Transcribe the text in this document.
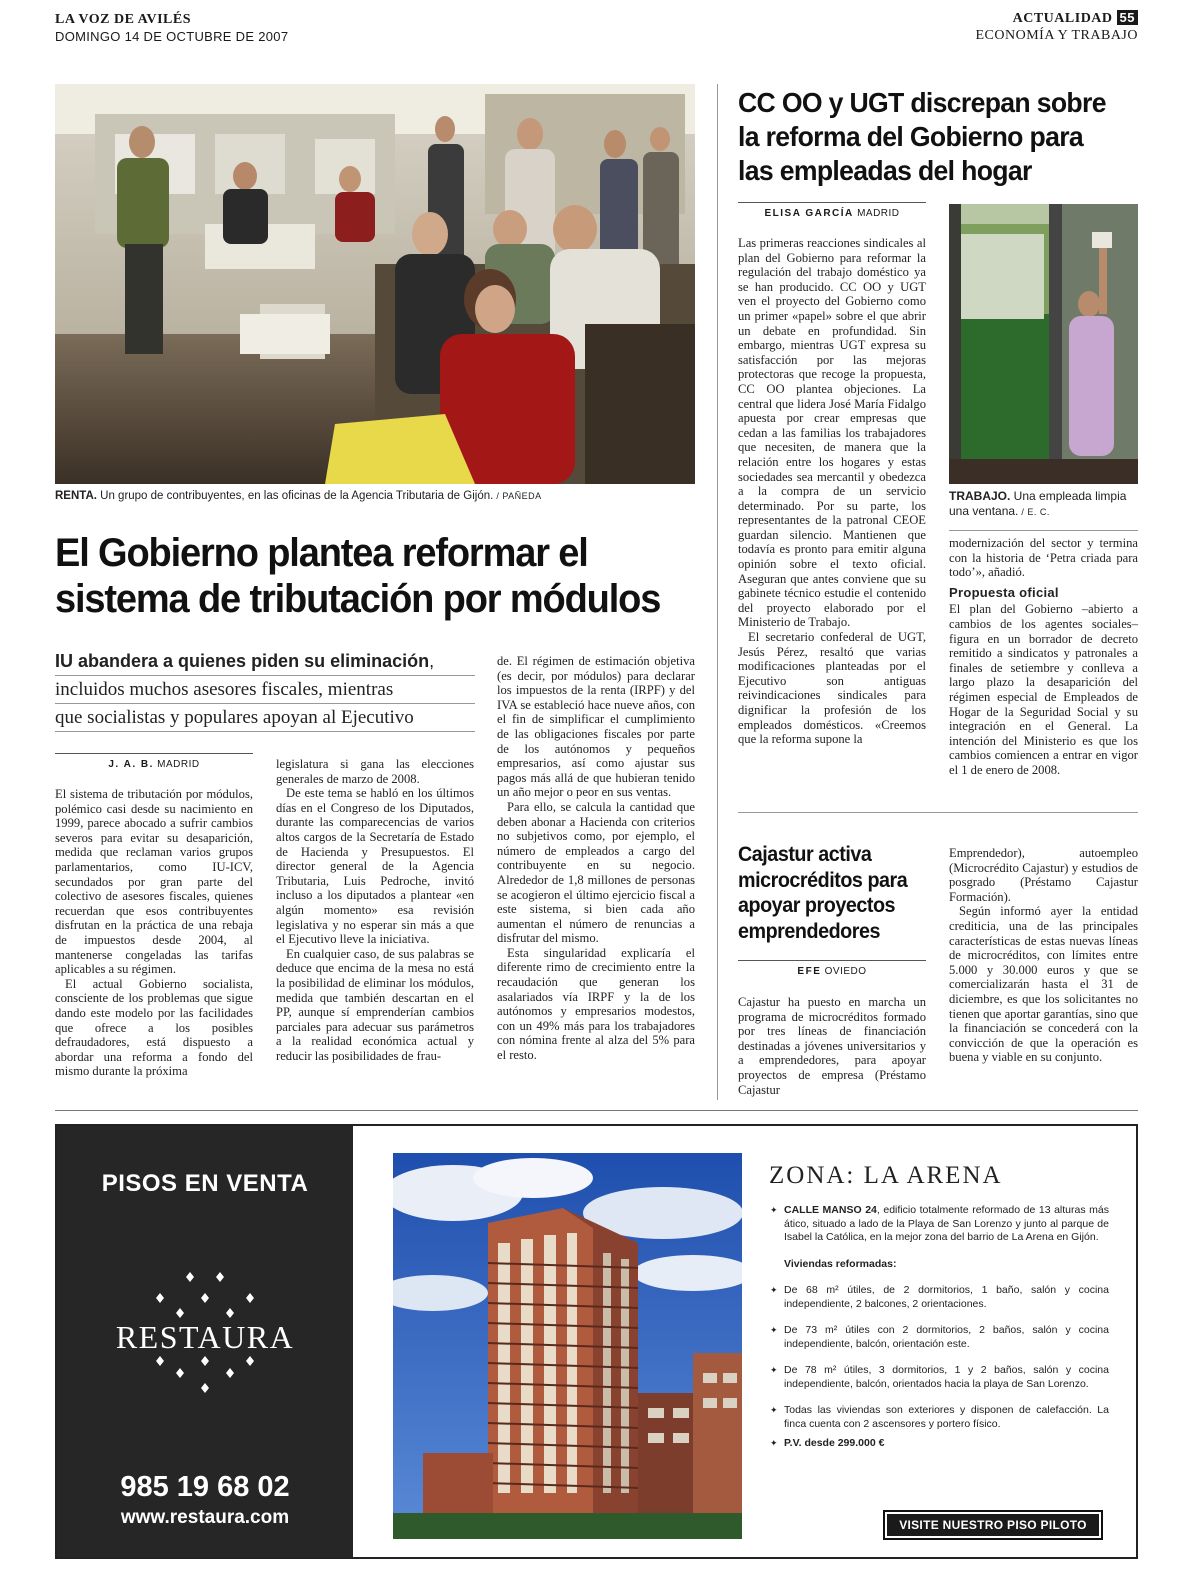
LA VOZ DE AVILÉS
DOMINGO 14 DE OCTUBRE DE 2007
ACTUALIDAD 55
ECONOMÍA Y TRABAJO
RENTA. Un grupo de contribuyentes, en las oficinas de la Agencia Tributaria de Gijón. / PAÑEDA
El Gobierno plantea reformar el sistema de tributación por módulos
IU abandera a quienes piden su eliminación,
incluidos muchos asesores fiscales, mientras
que socialistas y populares apoyan al Ejecutivo
J. A. B. MADRID

El sistema de tributación por módulos, polémico casi desde su nacimiento en 1999, parece abocado a sufrir cambios severos para evitar su desaparición, medida que reclaman varios grupos parlamentarios, como IU-ICV, secundados por gran parte del colectivo de asesores fiscales, quienes recuerdan que esos contribuyentes disfrutan en la práctica de una rebaja de impuestos desde 2004, al mantenerse congeladas las tarifas aplicables a su régimen.

El actual Gobierno socialista, consciente de los problemas que sigue dando este modelo por las facilidades que ofrece a los posibles defraudadores, está dispuesto a abordar una reforma a fondo del mismo durante la próxima

legislatura si gana las elecciones generales de marzo de 2008.

De este tema se habló en los últimos días en el Congreso de los Diputados, durante las comparecencias de varios altos cargos de la Secretaría de Estado de Hacienda y Presupuestos. El director general de la Agencia Tributaria, Luis Pedroche, invitó incluso a los diputados a plantear «en algún momento» esa revisión legislativa y no esperar sin más a que el Ejecutivo lleve la iniciativa.

En cualquier caso, de sus palabras se deduce que encima de la mesa no está la posibilidad de eliminar los módulos, medida que también descartan en el PP, aunque sí emprenderían cambios parciales para adecuar sus parámetros a la realidad económica actual y reducir las posibilidades de frau-

de. El régimen de estimación objetiva (es decir, por módulos) para declarar los impuestos de la renta (IRPF) y del IVA se estableció hace nueve años, con el fin de simplificar el cumplimiento de las obligaciones fiscales por parte de los autónomos y pequeños empresarios, así como ajustar sus pagos más allá de que hubieran tenido un año mejor o peor en sus ventas.

Para ello, se calcula la cantidad que deben abonar a Hacienda con criterios no subjetivos como, por ejemplo, el número de empleados a cargo del contribuyente en su negocio. Alrededor de 1,8 millones de personas se acogieron el último ejercicio fiscal a este sistema, si bien cada año aumentan el número de renuncias a disfrutar del mismo.

Esta singularidad explicaría el diferente rimo de crecimiento entre la recaudación que generan los asalariados vía IRPF y la de los autónomos y empresarios modestos, con un 49% más para los trabajadores con nómina frente al alza del 5% para el resto.

CC OO y UGT discrepan sobre la reforma del Gobierno para las empleadas del hogar
ELISA GARCÍA MADRID
TRABAJO. Una empleada limpia una ventana. / E. C.

Las primeras reacciones sindicales al plan del Gobierno para reformar la regulación del trabajo doméstico ya se han producido. CC OO y UGT ven el proyecto del Gobierno como un primer «papel» sobre el que abrir un debate en profundidad. Sin embargo, mientras UGT expresa su satisfacción por las mejoras protectoras que recoge la propuesta, CC OO plantea objeciones. La central que lidera José María Fidalgo apuesta por crear empresas que cedan a las familias los trabajadores que necesiten, de manera que la relación entre los hogares y estas sociedades sea mercantil y obedezca a la compra de un servicio determinado. Por su parte, los representantes de la patronal CEOE guardan silencio. Mantienen que todavía es pronto para emitir alguna opinión sobre el texto oficial. Aseguran que antes conviene que su gabinete técnico estudie el contenido del proyecto elaborado por el Ministerio de Trabajo.

El secretario confederal de UGT, Jesús Pérez, resaltó que varias modificaciones planteadas por el Ejecutivo son antiguas reivindicaciones sindicales para dignificar la profesión de los empleados domésticos. «Creemos que la reforma supone la

modernización del sector y termina con la historia de ‘Petra criada para todo’», añadió.

Propuesta oficial

El plan del Gobierno –abierto a cambios de los agentes sociales– figura en un borrador de decreto remitido a sindicatos y patronales a finales de setiembre y conlleva a largo plazo la desaparición del régimen especial de Empleados de Hogar de la Seguridad Social y su integración en el General. La intención del Ministerio es que los cambios comiencen a entrar en vigor el 1 de enero de 2008.

Cajastur activa microcréditos para apoyar proyectos emprendedores
EFE OVIEDO

Cajastur ha puesto en marcha un programa de microcréditos formado por tres líneas de financiación destinadas a jóvenes universitarios y a emprendedores, para apoyar proyectos de empresa (Préstamo Cajastur

Emprendedor), autoempleo (Microcrédito Cajastur) y estudios de posgrado (Préstamo Cajastur Formación).

Según informó ayer la entidad crediticia, una de las principales características de estas nuevas líneas de microcréditos, con límites entre 5.000 y 30.000 euros y que se comercializarán hasta el 31 de diciembre, es que los solicitantes no tienen que aportar garantías, sino que la financiación se concederá con la convicción de que la operación es buena y viable en su conjunto.

PISOS EN VENTA
RESTAURA
985 19 68 02
www.restaura.com
ZONA: LA ARENA
✦ CALLE MANSO 24, edificio totalmente reformado de 13 alturas más ático, situado a lado de la Playa de San Lorenzo y junto al parque de Isabel la Católica, en la mejor zona del barrio de La Arena en Gijón.
Viviendas reformadas:
✦ De 68 m² útiles, de 2 dormitorios, 1 baño, salón y cocina independiente, 2 balcones, 2 orientaciones.
✦ De 73 m² útiles con 2 dormitorios, 2 baños, salón y cocina independiente, balcón, orientación este.
✦ De 78 m² útiles, 3 dormitorios, 1 y 2 baños, salón y cocina independiente, balcón, orientados hacia la playa de San Lorenzo.
✦ Todas las viviendas son exteriores y disponen de calefacción. La finca cuenta con 2 ascensores y portero físico.
✦ P.V. desde 299.000 €
VISITE NUESTRO PISO PILOTO
